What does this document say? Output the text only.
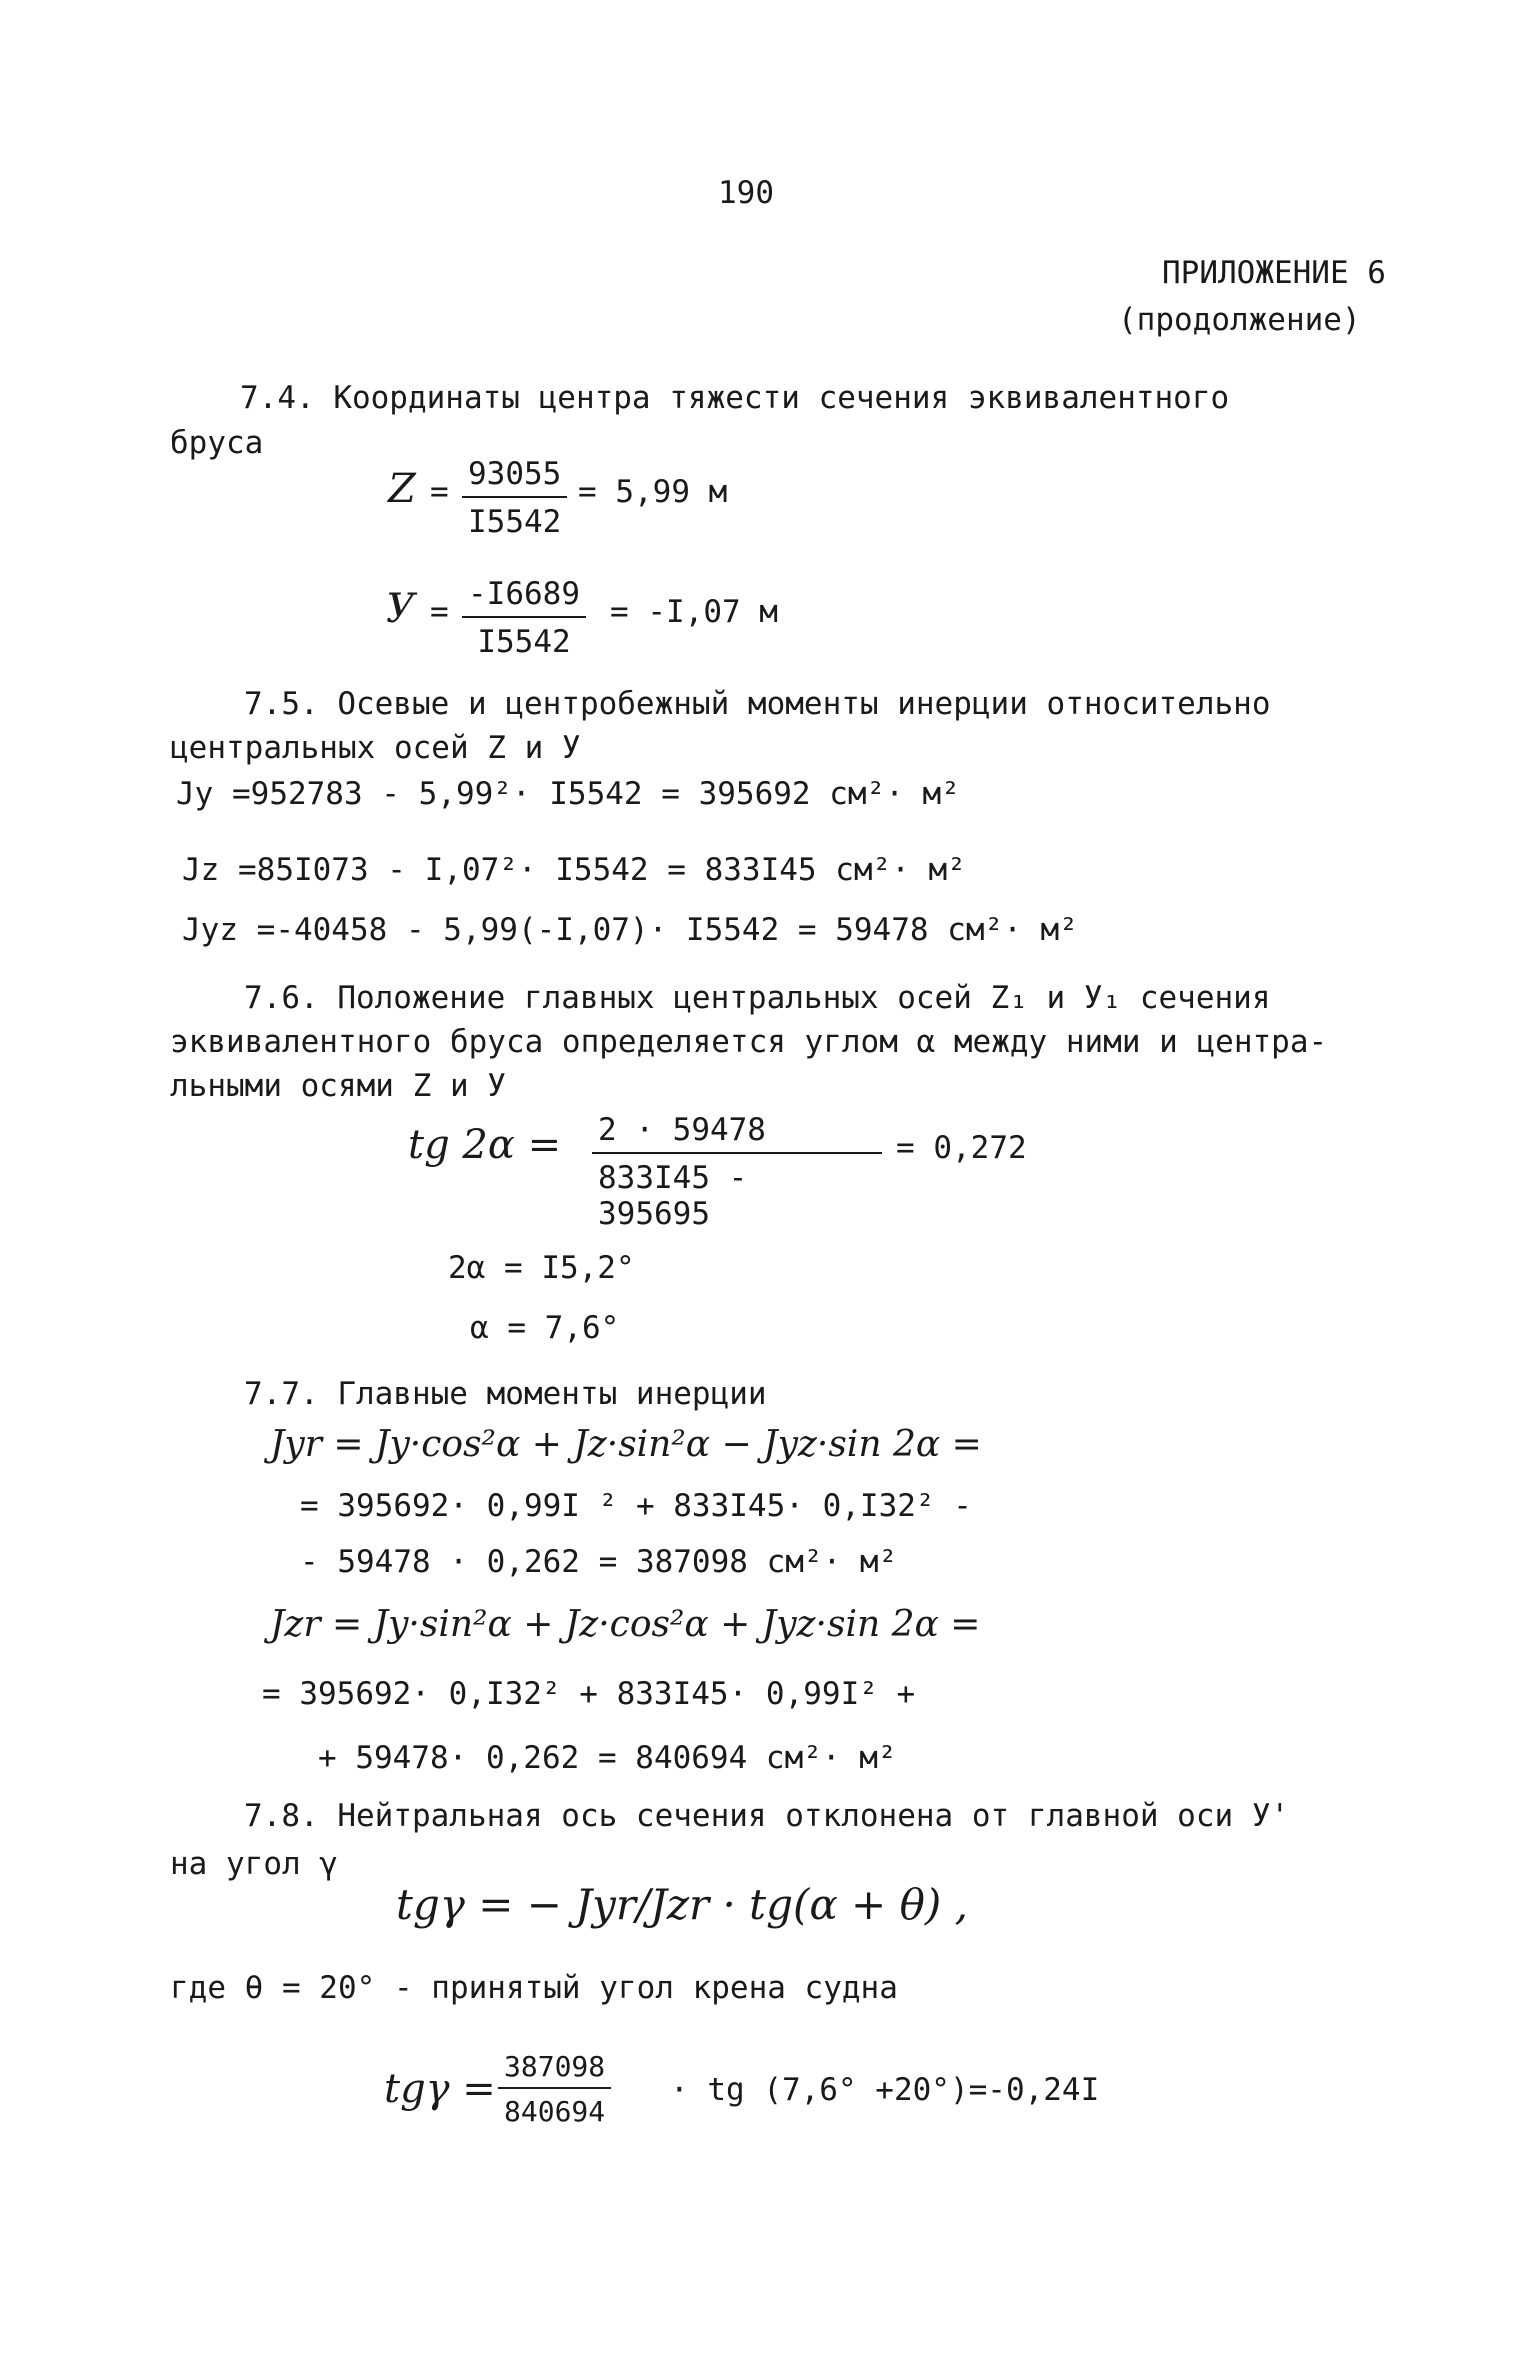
190
ПРИЛОЖЕНИЕ 6
(продолжение)
7.4. Координаты центра тяжести сечения эквивалентного
бруса
$Z = \frac{93055}{I5542} = 5,99$ м
$У = \frac{-I6689}{I5542} = -I,07$ м
7.5. Осевые и центробежный моменты инерции относительно
центральных осей Z и У
Jу =952783 - 5,99²· I5542 = 395692 см²· м²
Jz =85I073 - I,07²· I5542 = 833I45 см²· м²
Jyz =-40458 - 5,99(-I,07)· I5542 = 59478 см²· м²
7.6. Положение главных центральных осей Z₁ и У₁ сечения
эквивалентного бруса определяется углом α между ними и центра-
льными осями Z и У
tg $2\alpha = \frac{2 \cdot 59478}{833I45 - 395695} = 0,272$
2α = I5,2°
α = 7,6°
7.7. Главные моменты инерции
Jyr = Jy·cos²α + Jz·sin²α − Jyz·sin 2α =
= 395692· 0,99I ² + 833I45· 0,I32² -
- 59478 · 0,262 = 387098 см²· м²
Jzr = Jy·sin²α + Jz·cos²α + Jyz·sin 2α =
= 395692· 0,I32² + 833I45· 0,99I² +
+ 59478· 0,262 = 840694 см²· м²
7.8. Нейтральная ось сечения отклонена от главной оси У'
на угол γ
tgγ = − Jyr/Jzr · tg(α + θ) ,
где θ = 20° - принятый угол крена судна
$tg\gamma = \frac{387098}{840694}$ · tg (7,6° +20°)=-0,24I
